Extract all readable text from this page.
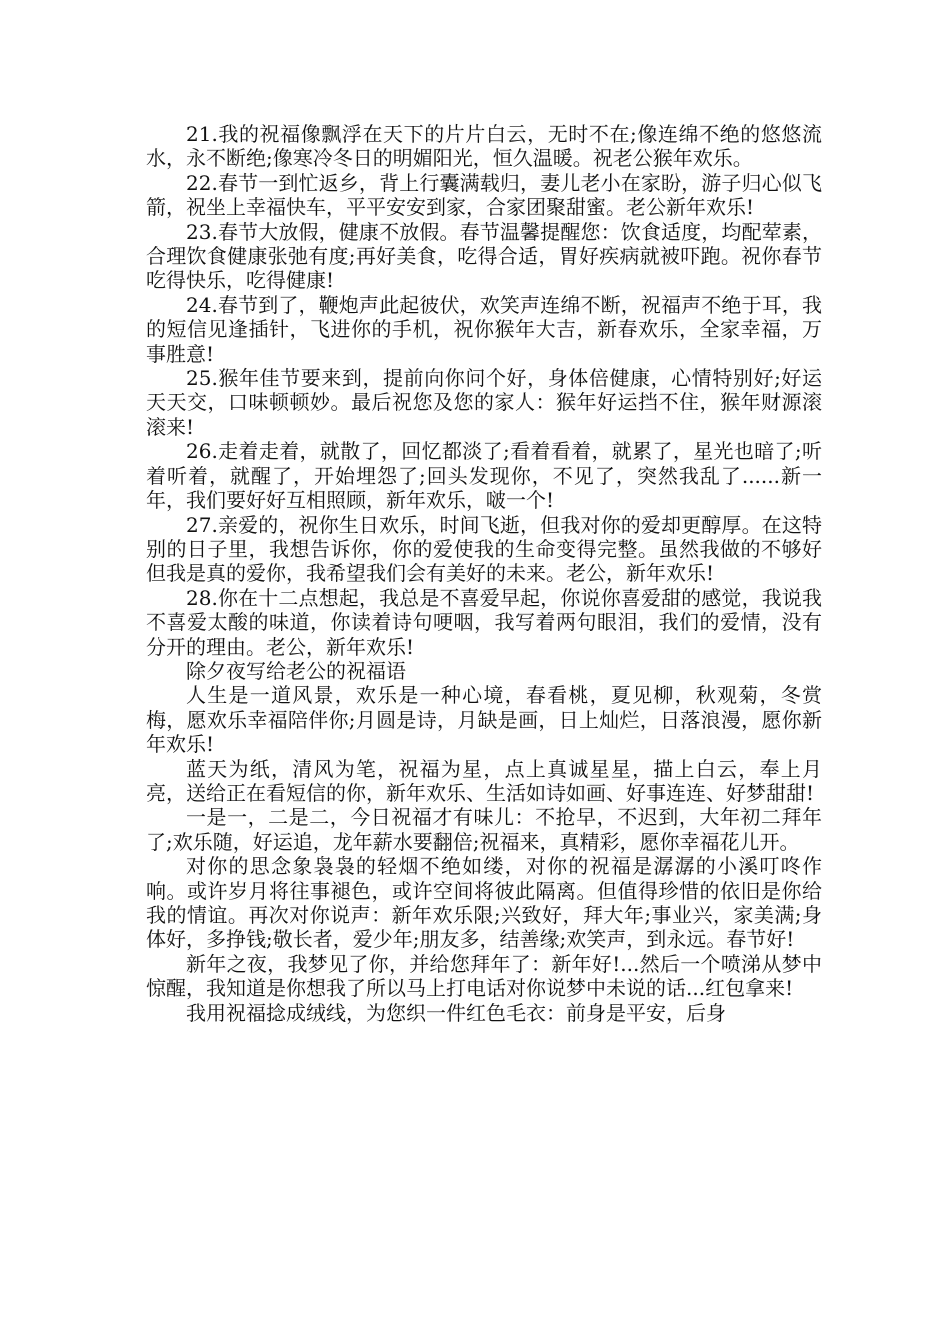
21.我的祝福像飘浮在天下的片片白云，无时不在;像连绵不绝的悠悠流水，永不断绝;像寒冷冬日的明媚阳光，恒久温暖。祝老公猴年欢乐。

22.春节一到忙返乡，背上行囊满载归，妻儿老小在家盼，游子归心似飞箭，祝坐上幸福快车，平平安安到家，合家团聚甜蜜。老公新年欢乐!

23.春节大放假，健康不放假。春节温馨提醒您：饮食适度，均配荤素，合理饮食健康张弛有度;再好美食，吃得合适，胃好疾病就被吓跑。祝你春节吃得快乐，吃得健康!

24.春节到了，鞭炮声此起彼伏，欢笑声连绵不断，祝福声不绝于耳，我的短信见逢插针，飞进你的手机，祝你猴年大吉，新春欢乐，全家幸福，万事胜意!

25.猴年佳节要来到，提前向你问个好，身体倍健康，心情特别好;好运天天交，口味顿顿妙。最后祝您及您的家人：猴年好运挡不住，猴年财源滚滚来!

26.走着走着，就散了，回忆都淡了;看着看着，就累了，星光也暗了;听着听着，就醒了，开始埋怨了;回头发现你，不见了，突然我乱了......新一年，我们要好好互相照顾，新年欢乐，啵一个!

27.亲爱的，祝你生日欢乐，时间飞逝，但我对你的爱却更醇厚。在这特别的日子里，我想告诉你，你的爱使我的生命变得完整。虽然我做的不够好但我是真的爱你，我希望我们会有美好的未来。老公，新年欢乐!

28.你在十二点想起，我总是不喜爱早起，你说你喜爱甜的感觉，我说我不喜爱太酸的味道，你读着诗句哽咽，我写着两句眼泪，我们的爱情，没有分开的理由。老公，新年欢乐!

除夕夜写给老公的祝福语

人生是一道风景，欢乐是一种心境，春看桃，夏见柳，秋观菊，冬赏梅，愿欢乐幸福陪伴你;月圆是诗，月缺是画，日上灿烂，日落浪漫，愿你新年欢乐!

蓝天为纸，清风为笔，祝福为星，点上真诚星星，描上白云，奉上月亮，送给正在看短信的你，新年欢乐、生活如诗如画、好事连连、好梦甜甜!

一是一，二是二，今日祝福才有味儿：不抢早，不迟到，大年初二拜年了;欢乐随，好运追，龙年薪水要翻倍;祝福来，真精彩，愿你幸福花儿开。

对你的思念象袅袅的轻烟不绝如缕，对你的祝福是潺潺的小溪叮咚作响。或许岁月将往事褪色，或许空间将彼此隔离。但值得珍惜的依旧是你给我的情谊。再次对你说声：新年欢乐限;兴致好，拜大年;事业兴，家美满;身体好，多挣钱;敬长者，爱少年;朋友多，结善缘;欢笑声，到永远。春节好!

新年之夜，我梦见了你，并给您拜年了：新年好!...然后一个喷涕从梦中惊醒，我知道是你想我了所以马上打电话对你说梦中未说的话...红包拿来!

我用祝福捻成绒线，为您织一件红色毛衣：前身是平安，后身
